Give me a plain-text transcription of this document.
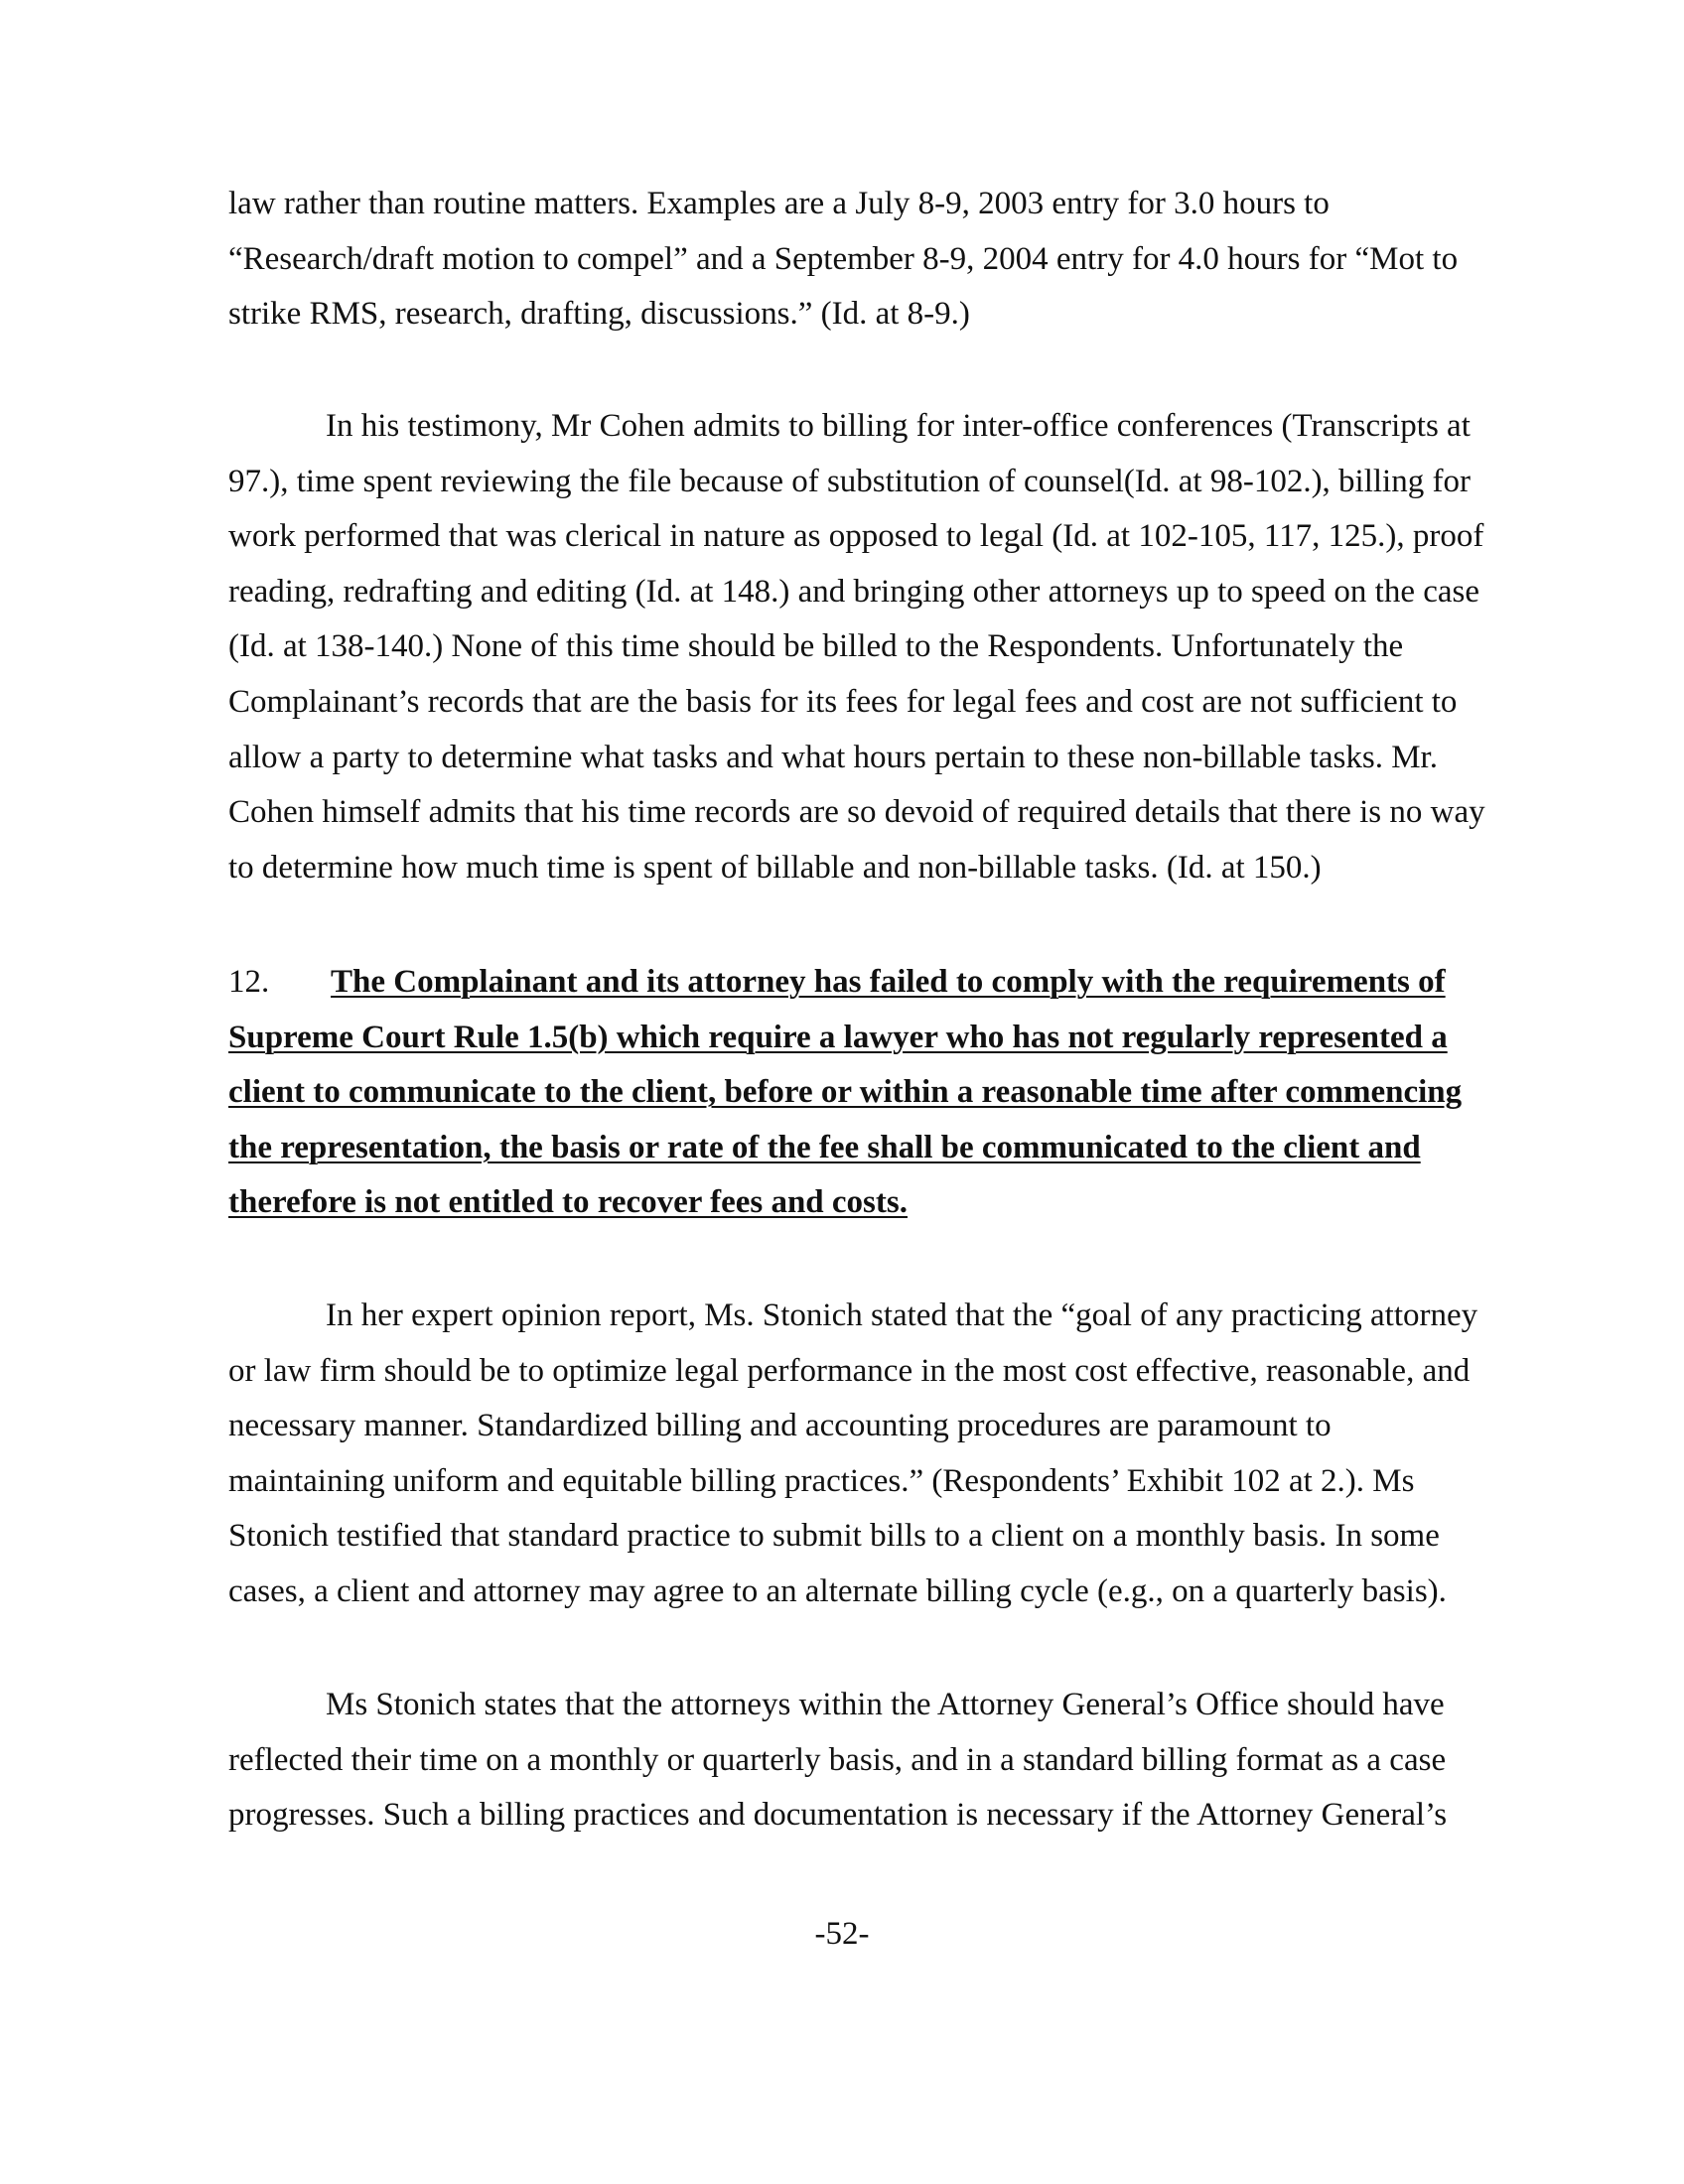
law rather than routine matters. Examples are a July 8-9, 2003 entry for 3.0 hours to “Research/draft motion to compel” and a September 8-9, 2004 entry for 4.0 hours for “Mot to strike RMS, research, drafting, discussions.” (Id. at 8-9.)

In his testimony, Mr Cohen admits to billing for inter-office conferences (Transcripts at 97.), time spent reviewing the file because of substitution of counsel(Id. at 98-102.), billing for work performed that was clerical in nature as opposed to legal (Id. at 102-105, 117, 125.), proof reading, redrafting and editing (Id. at 148.) and bringing other attorneys up to speed on the case (Id. at 138-140.) None of this time should be billed to the Respondents. Unfortunately the Complainant’s records that are the basis for its fees for legal fees and cost are not sufficient to allow a party to determine what tasks and what hours pertain to these non-billable tasks. Mr. Cohen himself admits that his time records are so devoid of required details that there is no way to determine how much time is spent of billable and non-billable tasks. (Id. at 150.)

12. The Complainant and its attorney has failed to comply with the requirements of Supreme Court Rule 1.5(b) which require a lawyer who has not regularly represented a client to communicate to the client, before or within a reasonable time after commencing the representation, the basis or rate of the fee shall be communicated to the client and therefore is not entitled to recover fees and costs.

In her expert opinion report, Ms. Stonich stated that the “goal of any practicing attorney or law firm should be to optimize legal performance in the most cost effective, reasonable, and necessary manner. Standardized billing and accounting procedures are paramount to maintaining uniform and equitable billing practices.” (Respondents’ Exhibit 102 at 2.). Ms Stonich testified that standard practice to submit bills to a client on a monthly basis. In some cases, a client and attorney may agree to an alternate billing cycle (e.g., on a quarterly basis).

Ms Stonich states that the attorneys within the Attorney General’s Office should have reflected their time on a monthly or quarterly basis, and in a standard billing format as a case progresses. Such a billing practices and documentation is necessary if the Attorney General’s

-52-
